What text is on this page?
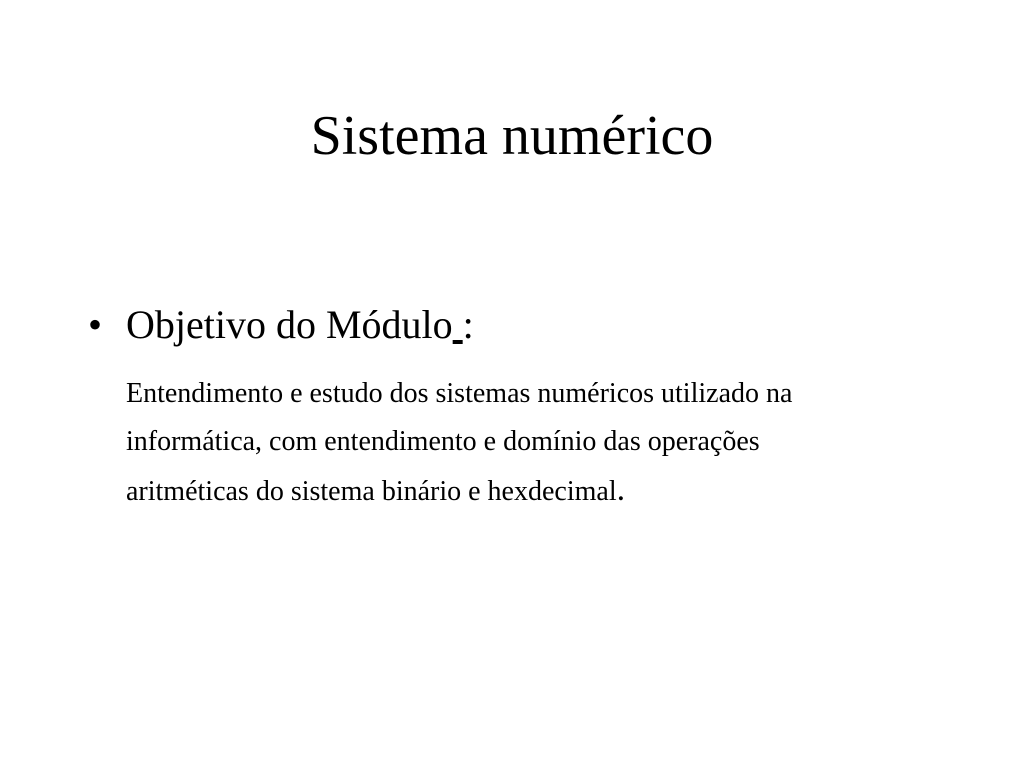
Sistema numérico
• Objetivo do Módulo :
Entendimento e estudo dos sistemas numéricos utilizado na
informática, com entendimento e domínio das operações
aritméticas do sistema binário e hexdecimal.
